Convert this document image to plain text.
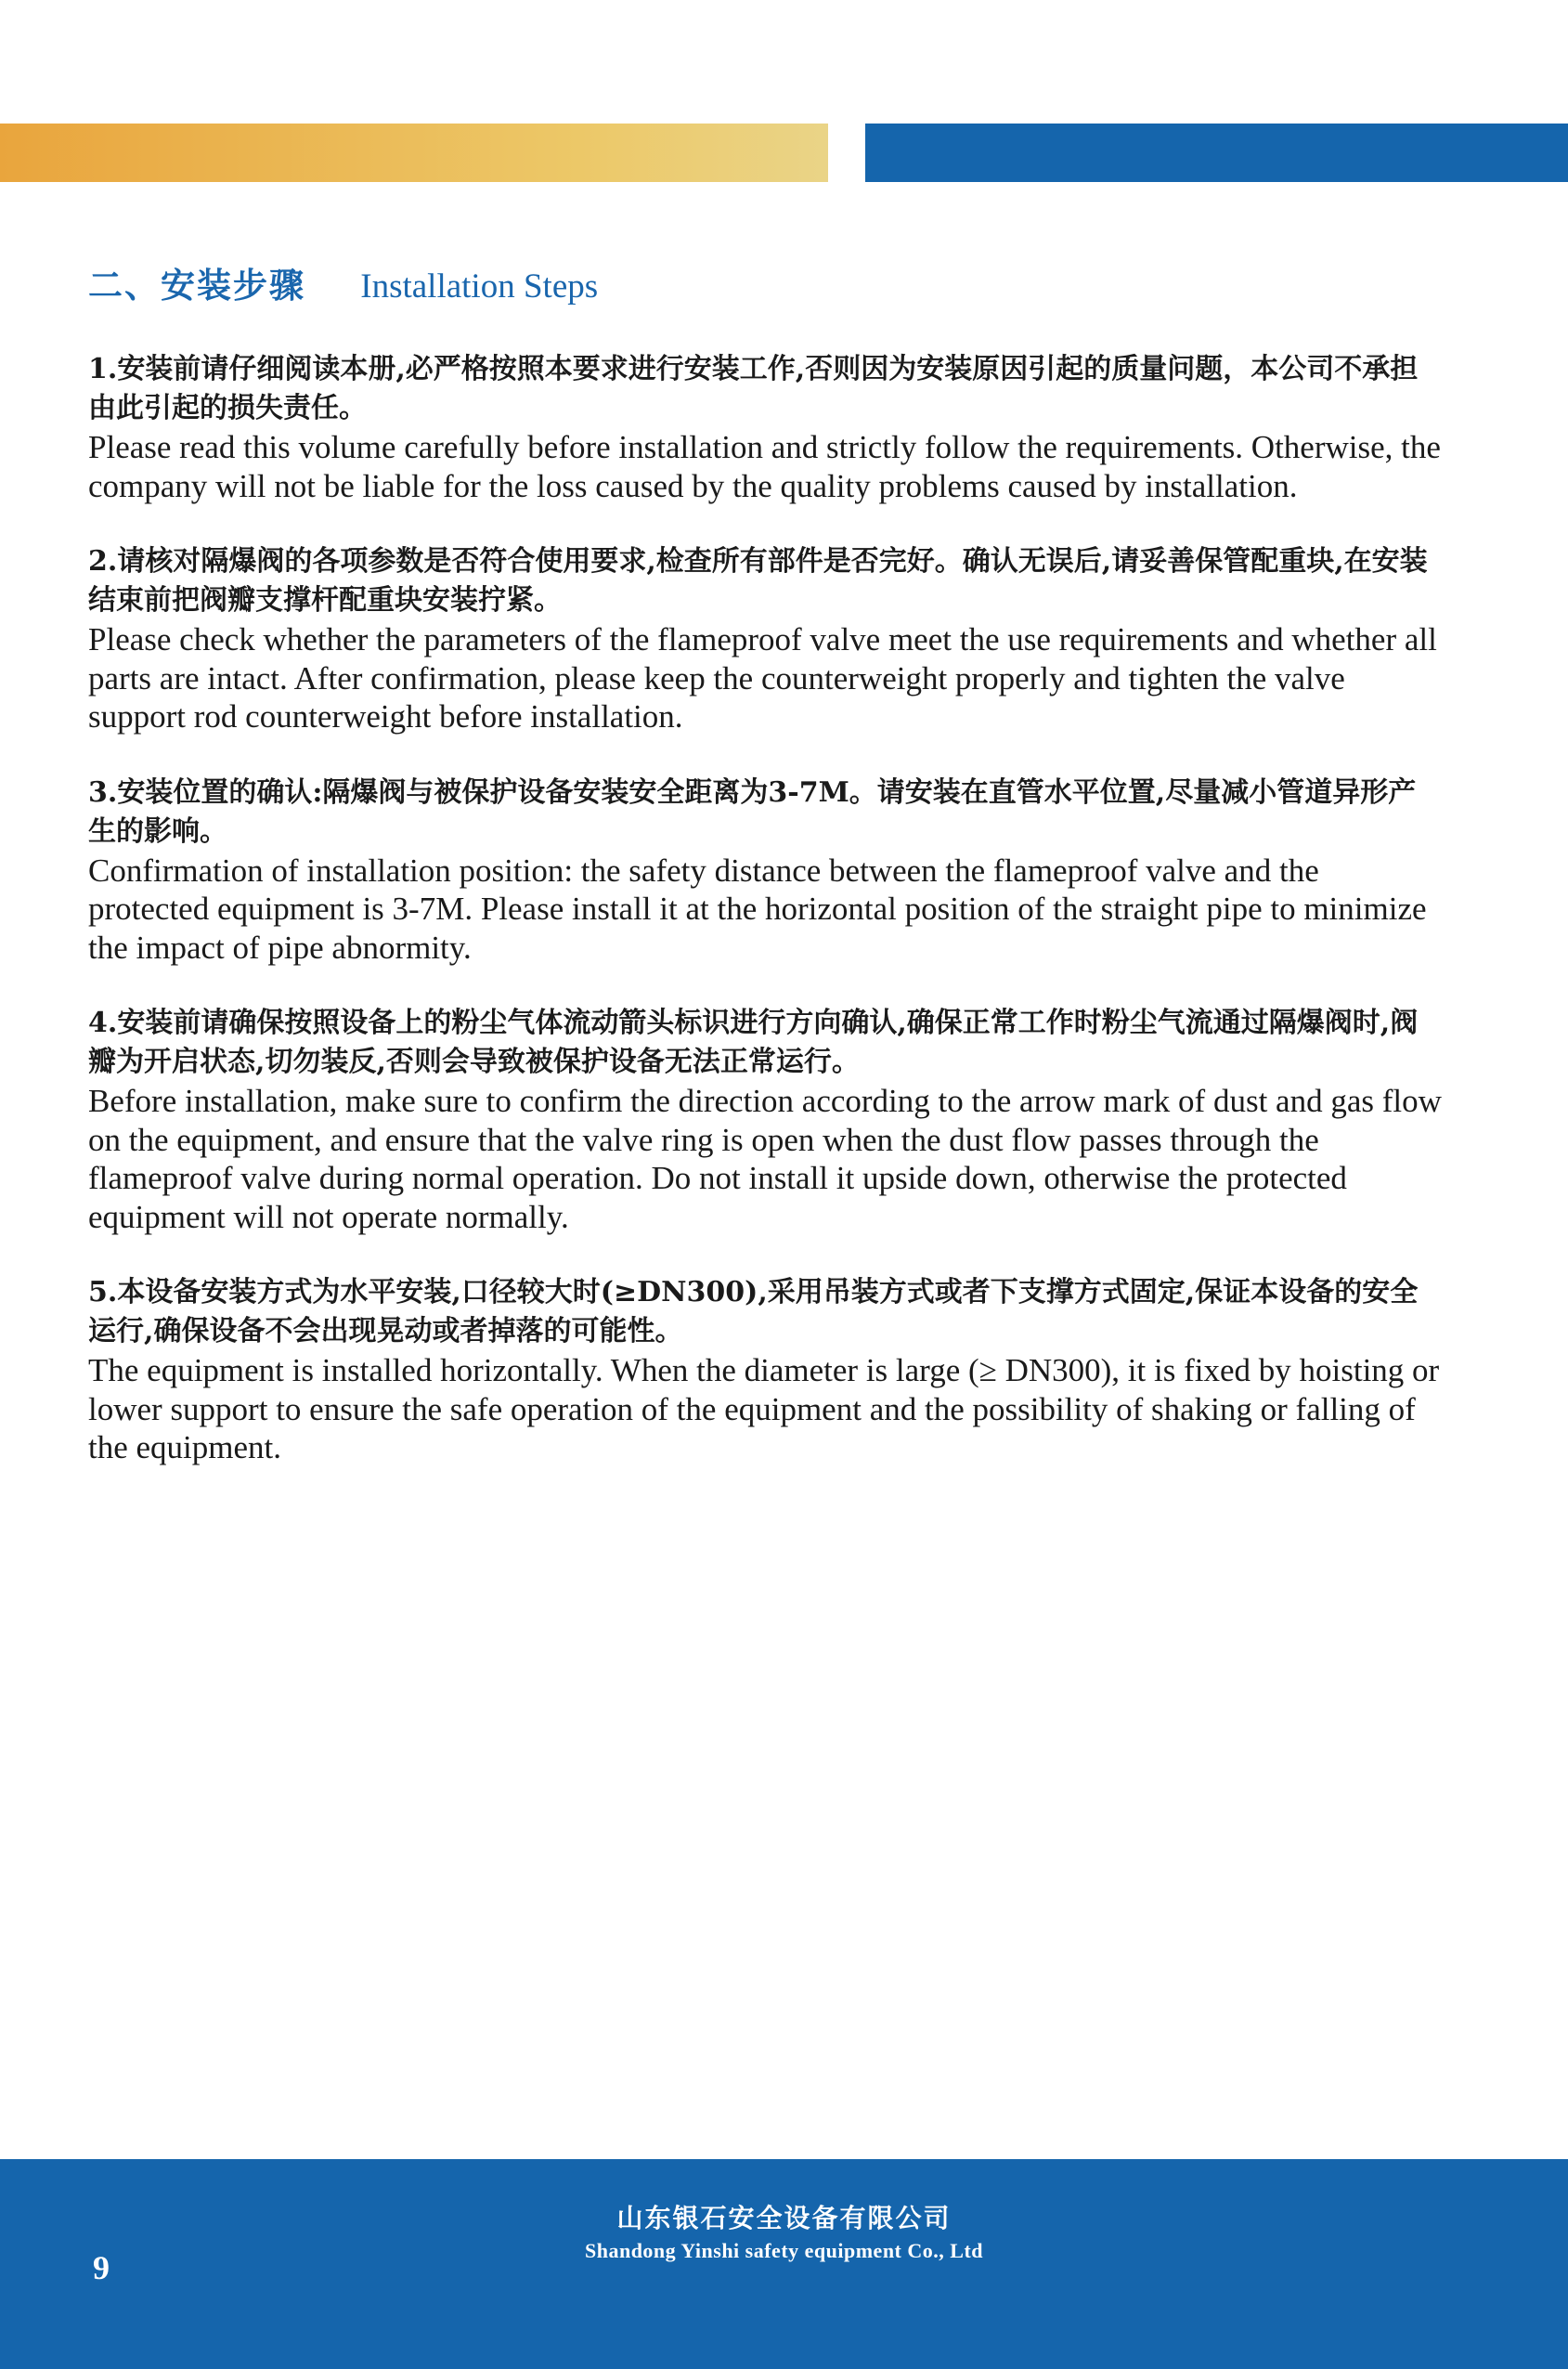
二、安装步骤 Installation Steps

1.安装前请仔细阅读本册,必严格按照本要求进行安装工作,否则因为安装原因引起的质量问题，本公司不承担由此引起的损失责任。

Please read this volume carefully before installation and strictly follow the requirements. Otherwise, the company will not be liable for the loss caused by the quality problems caused by installation.

2.请核对隔爆阀的各项参数是否符合使用要求,检查所有部件是否完好。确认无误后,请妥善保管配重块,在安装结束前把阀瓣支撑杆配重块安装拧紧。

Please check whether the parameters of the flameproof valve meet the use requirements and whether all parts are intact. After confirmation, please keep the counterweight properly and tighten the valve support rod counterweight before installation.

3.安装位置的确认:隔爆阀与被保护设备安装安全距离为3-7M。请安装在直管水平位置,尽量减小管道异形产生的影响。

Confirmation of installation position: the safety distance between the flameproof valve and the protected equipment is 3-7M. Please install it at the horizontal position of the straight pipe to minimize the impact of pipe abnormity.

4.安装前请确保按照设备上的粉尘气体流动箭头标识进行方向确认,确保正常工作时粉尘气流通过隔爆阀时,阀瓣为开启状态,切勿装反,否则会导致被保护设备无法正常运行。

Before installation, make sure to confirm the direction according to the arrow mark of dust and gas flow on the equipment, and ensure that the valve ring is open when the dust flow passes through the flameproof valve during normal operation. Do not install it upside down, otherwise the protected equipment will not operate normally.

5.本设备安装方式为水平安装,口径较大时(≥DN300),采用吊装方式或者下支撑方式固定,保证本设备的安全运行,确保设备不会出现晃动或者掉落的可能性。

The equipment is installed horizontally. When the diameter is large (≥ DN300), it is fixed by hoisting or lower support to ensure the safe operation of the equipment and the possibility of shaking or falling of the equipment.

9
山东银石安全设备有限公司
Shandong Yinshi safety equipment Co., Ltd
